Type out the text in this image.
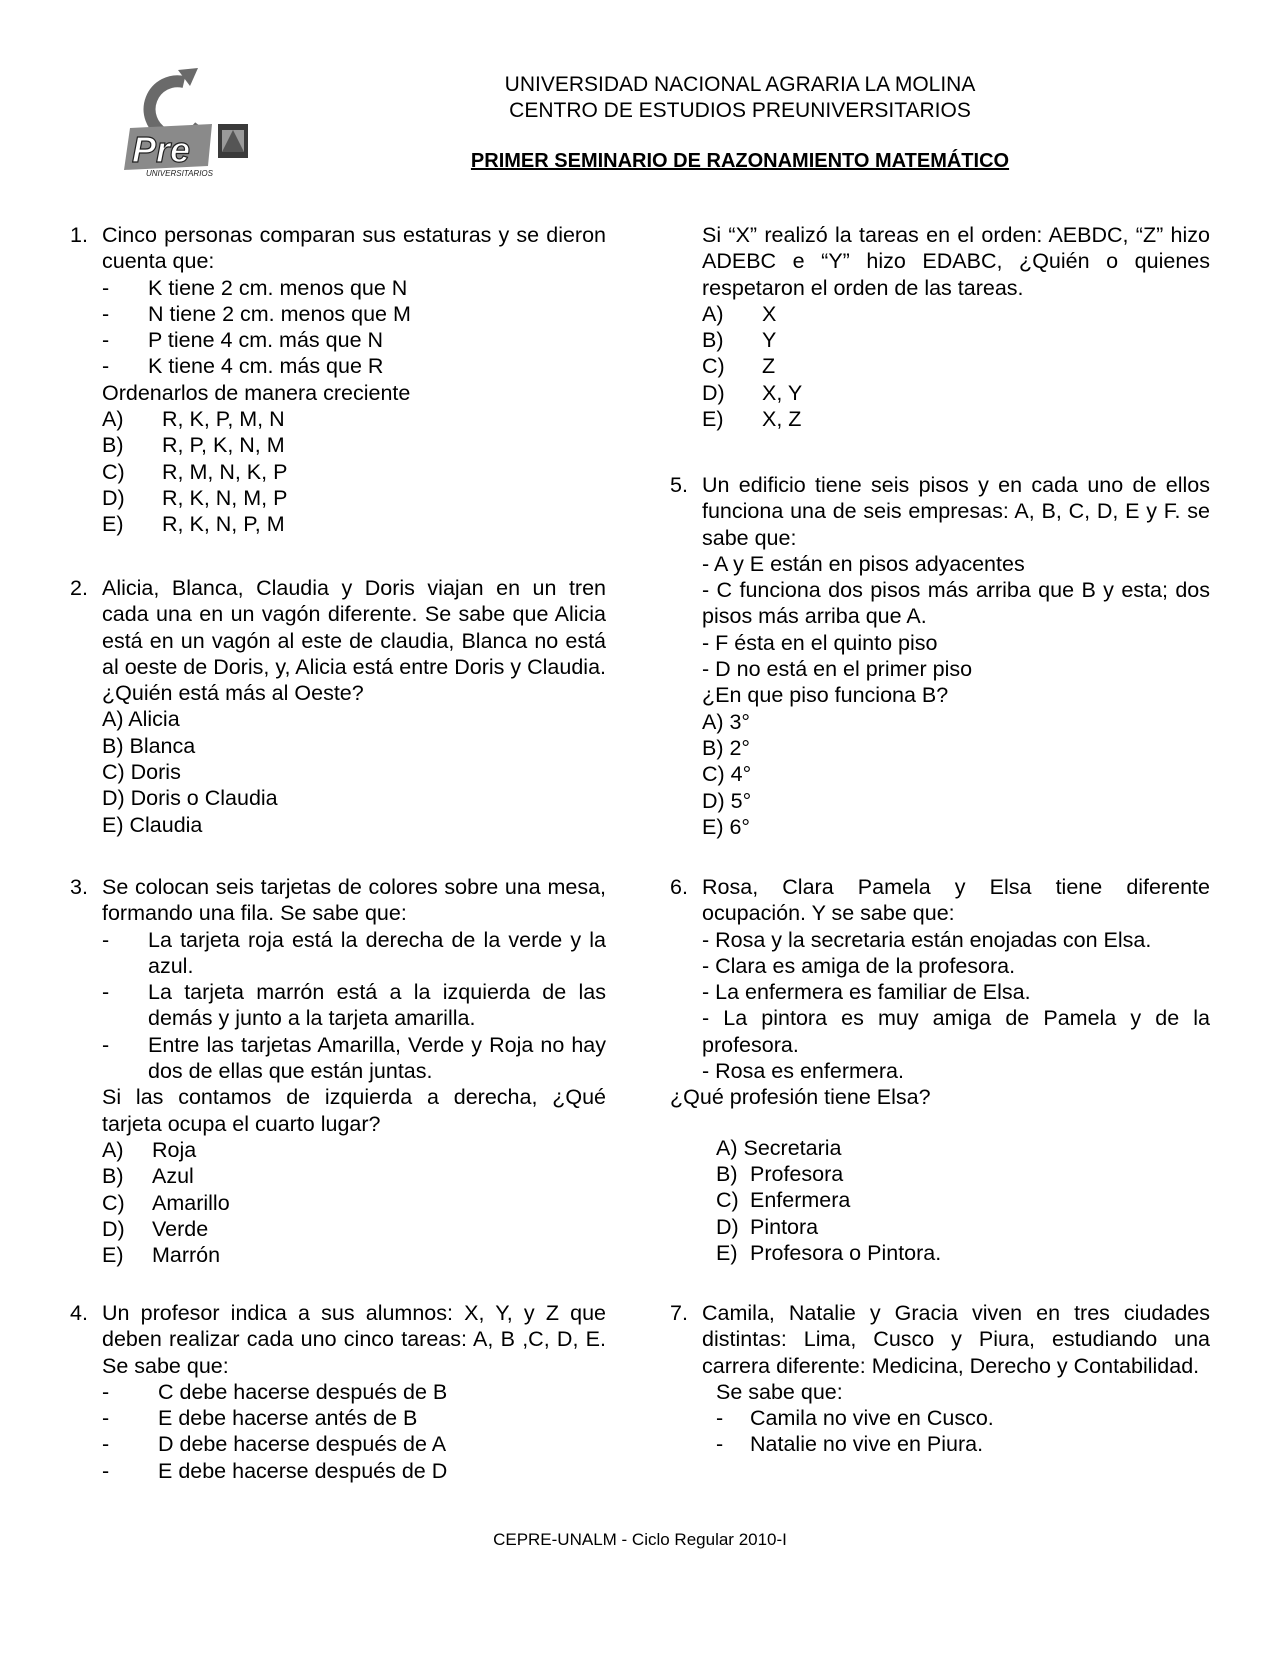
Pre
UNIVERSITARIOS
UNIVERSIDAD NACIONAL AGRARIA LA MOLINA
CENTRO DE ESTUDIOS PREUNIVERSITARIOS
PRIMER SEMINARIO DE RAZONAMIENTO MATEMÁTICO
1. Cinco personas comparan sus estaturas y se dieron cuenta que:
-	K tiene 2 cm. menos que N
-	N tiene 2 cm. menos que M
-	P tiene 4 cm. más que N
-	K tiene 4 cm. más que R
Ordenarlos de manera creciente
A)	R, K, P, M, N
B)	R, P, K, N, M
C)	R, M, N, K, P
D)	R, K, N, M, P
E)	R, K, N, P, M
2. Alicia, Blanca, Claudia y Doris viajan en un tren cada una en un vagón diferente. Se sabe que Alicia está en un vagón al este de claudia, Blanca no está al oeste de Doris, y, Alicia está entre Doris y Claudia. ¿Quién está más al Oeste?
A) Alicia
B) Blanca
C) Doris
D) Doris o Claudia
E) Claudia
3. Se colocan seis tarjetas de colores sobre una mesa, formando una fila. Se sabe que:
-	La tarjeta roja está la derecha de la verde y la azul.
-	La tarjeta marrón está a la izquierda de las demás y junto a la tarjeta amarilla.
-	Entre las tarjetas Amarilla, Verde y Roja no hay dos de ellas que están juntas.
Si las contamos de izquierda a derecha, ¿Qué tarjeta ocupa el cuarto lugar?
A)	Roja
B)	Azul
C)	Amarillo
D)	Verde
E)	Marrón
4. Un profesor indica a sus alumnos: X, Y, y Z que deben realizar cada uno cinco tareas: A, B ,C, D, E. Se sabe que:
-	C debe hacerse después de B
-	E debe hacerse antés de B
-	D debe hacerse después de A
-	E debe hacerse después de D
Si “X” realizó la tareas en el orden: AEBDC, “Z” hizo ADEBC e “Y” hizo EDABC, ¿Quién o quienes respetaron el orden de las tareas.
A)	X
B)	Y
C)	Z
D)	X, Y
E)	X, Z
5. Un edificio tiene seis pisos y en cada uno de ellos funciona una de seis empresas: A, B, C, D, E y F. se sabe que:
- A y E están en pisos adyacentes
- C funciona dos pisos más arriba que B y esta; dos pisos más arriba que A.
- F ésta en el quinto piso
- D no está en el primer piso
¿En que piso funciona B?
A) 3°
B) 2°
C) 4°
D) 5°
E) 6°
6. Rosa, Clara Pamela y Elsa tiene diferente ocupación. Y se sabe que:
- Rosa y la secretaria están enojadas con Elsa.
- Clara es amiga de la profesora.
- La enfermera es familiar de Elsa.
- La pintora es muy amiga de Pamela y de la profesora.
- Rosa es enfermera.
¿Qué profesión tiene Elsa?
A) Secretaria
B) Profesora
C) Enfermera
D) Pintora
E) Profesora o Pintora.
7. Camila, Natalie y Gracia viven en tres ciudades distintas: Lima, Cusco y Piura, estudiando una carrera diferente: Medicina, Derecho y Contabilidad.
Se sabe que:
-	Camila no vive en Cusco.
-	Natalie no vive en Piura.
CEPRE-UNALM - Ciclo Regular 2010-I
